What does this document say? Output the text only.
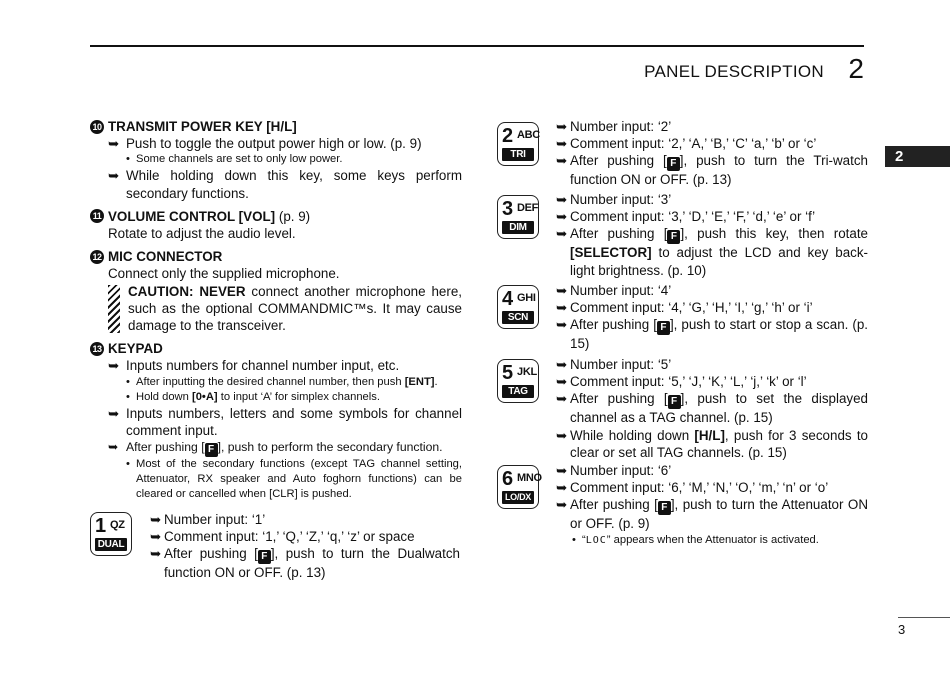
PANEL DESCRIPTION 2
2
3
10 TRANSMIT POWER KEY [H/L]
➥ Push to toggle the output power high or low. (p. 9)
• Some channels are set to only low power.
➥ While holding down this key, some keys perform secondary functions.
11 VOLUME CONTROL [VOL] (p. 9)
Rotate to adjust the audio level.
12 MIC CONNECTOR
Connect only the supplied microphone.
CAUTION: NEVER connect another microphone here, such as the optional COMMANDMIC™s. It may cause damage to the transceiver.
13 KEYPAD
➥ Inputs numbers for channel number input, etc.
• After inputting the desired channel number, then push [ENT].
• Hold down [0•A] to input ‘A’ for simplex channels.
➥ Inputs numbers, letters and some symbols for channel comment input.
➥ After pushing [ F ], push to perform the secondary function.
• Most of the secondary functions (except TAG channel setting, Attenuator, RX speaker and Auto foghorn functions) can be cleared or cancelled when [CLR] is pushed.
1 QZ
DUAL
➥ Number input: ‘1’
➥ Comment input: ‘1,’ ‘Q,’ ‘Z,’ ‘q,’ ‘z’ or space
➥ After pushing [ F ], push to turn the Dualwatch function ON or OFF. (p. 13)
2 ABC
TRI
➥ Number input: ‘2’
➥ Comment input: ‘2,’ ‘A,’ ‘B,’ ‘C’ ‘a,’ ‘b’ or ‘c’
➥ After pushing [ F ], push to turn the Tri-watch function ON or OFF. (p. 13)
3 DEF
DIM
➥ Number input: ‘3’
➥ Comment input: ‘3,’ ‘D,’ ‘E,’ ‘F,’ ‘d,’ ‘e’ or ‘f’
➥ After pushing [ F ], push this key, then rotate [SELECTOR] to adjust the LCD and key back-light brightness. (p. 10)
4 GHI
SCN
➥ Number input: ‘4’
➥ Comment input: ‘4,’ ‘G,’ ‘H,’ ‘I,’ ‘g,’ ‘h’ or ‘i’
➥ After pushing [ F ], push to start or stop a scan. (p. 15)
5 JKL
TAG
➥ Number input: ‘5’
➥ Comment input: ‘5,’ ‘J,’ ‘K,’ ‘L,’ ‘j,’ ‘k’ or ‘l’
➥ After pushing [ F ], push to set the displayed channel as a TAG channel. (p. 15)
➥ While holding down [H/L], push for 3 seconds to clear or set all TAG channels. (p. 15)
6 MNO
LO/DX
➥ Number input: ‘6’
➥ Comment input: ‘6,’ ‘M,’ ‘N,’ ‘O,’ ‘m,’ ‘n’ or ‘o’
➥ After pushing [ F ], push to turn the Attenuator ON or OFF. (p. 9)
• “LOC” appears when the Attenuator is activated.
